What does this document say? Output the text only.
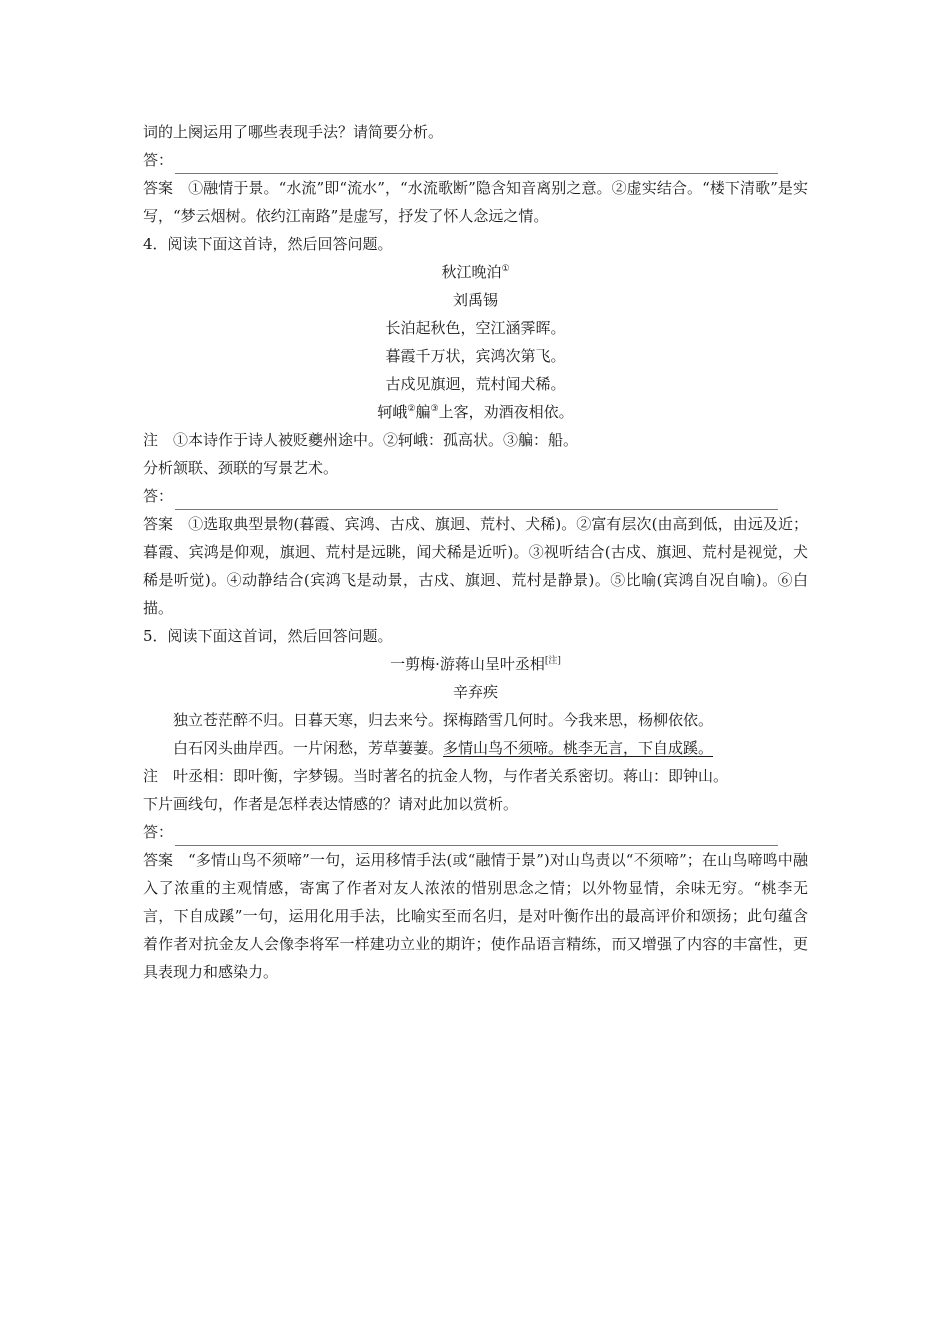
词的上阕运用了哪些表现手法？请简要分析。

答：

答案 ①融情于景。“水流”即“流水”，“水流歌断”隐含知音离别之意。②虚实结合。“楼下清歌”是实写，“梦云烟树。依约江南路”是虚写，抒发了怀人念远之情。

4．阅读下面这首诗，然后回答问题。

秋江晚泊①

刘禹锡

长泊起秋色，空江涵霁晖。

暮霞千万状，宾鸿次第飞。

古戍见旗迥，荒村闻犬稀。

轲峨②艑③上客，劝酒夜相依。

注 ①本诗作于诗人被贬夔州途中。②轲峨：孤高状。③艑：船。

分析颔联、颈联的写景艺术。

答：

答案 ①选取典型景物(暮霞、宾鸿、古戍、旗迥、荒村、犬稀)。②富有层次(由高到低，由远及近；暮霞、宾鸿是仰观，旗迥、荒村是远眺，闻犬稀是近听)。③视听结合(古戍、旗迥、荒村是视觉，犬稀是听觉)。④动静结合(宾鸿飞是动景，古戍、旗迥、荒村是静景)。⑤比喻(宾鸿自况自喻)。⑥白描。

5．阅读下面这首词，然后回答问题。

一剪梅·游蒋山呈叶丞相[注]

辛弃疾

独立苍茫醉不归。日暮天寒，归去来兮。探梅踏雪几何时。今我来思，杨柳依依。

白石冈头曲岸西。一片闲愁，芳草萋萋。多情山鸟不须啼。桃李无言，下自成蹊。

注 叶丞相：即叶衡，字梦锡。当时著名的抗金人物，与作者关系密切。蒋山：即钟山。

下片画线句，作者是怎样表达情感的？请对此加以赏析。

答：

答案 “多情山鸟不须啼”一句，运用移情手法(或“融情于景”)对山鸟责以“不须啼”；在山鸟啼鸣中融入了浓重的主观情感，寄寓了作者对友人浓浓的惜别思念之情；以外物显情，余味无穷。“桃李无言，下自成蹊”一句，运用化用手法，比喻实至而名归，是对叶衡作出的最高评价和颂扬；此句蕴含着作者对抗金友人会像李将军一样建功立业的期许；使作品语言精练，而又增强了内容的丰富性，更具表现力和感染力。
